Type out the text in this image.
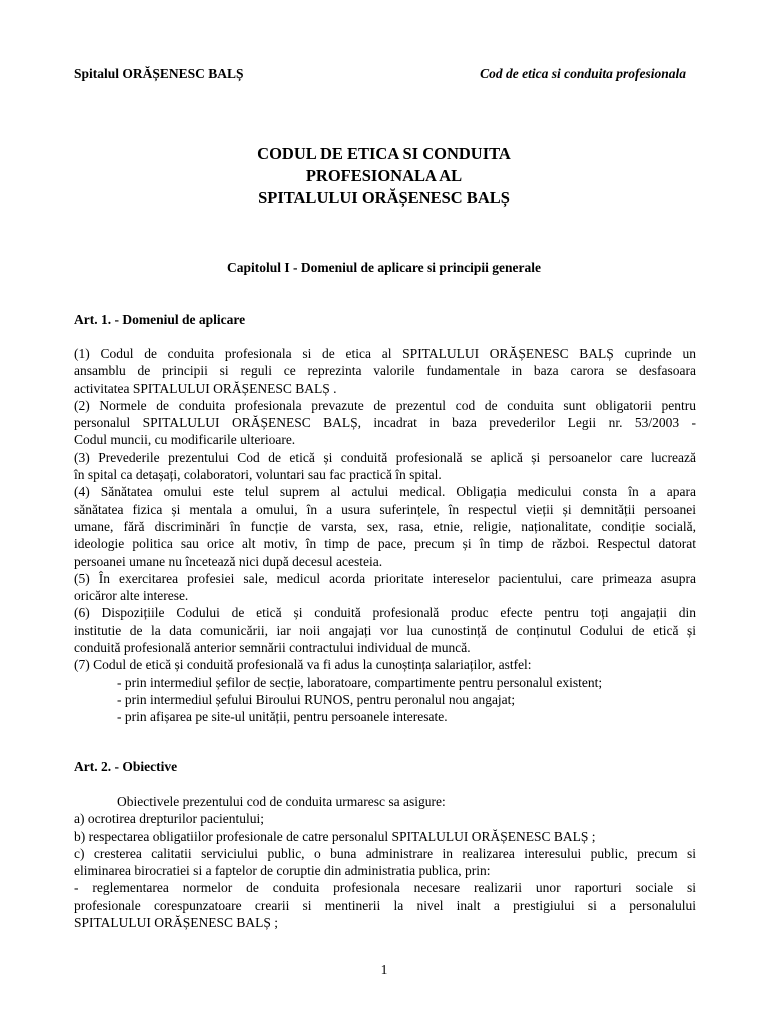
Spitalul ORĂȘENESC BALȘ	Cod de etica si conduita profesionala
CODUL DE ETICA SI CONDUITA
PROFESIONALA AL
SPITALULUI ORĂȘENESC BALȘ
Capitolul I - Domeniul de aplicare si principii generale
Art. 1. - Domeniul de aplicare
(1) Codul de conduita profesionala si de etica al SPITALULUI ORĂȘENESC BALȘ cuprinde un
ansamblu de principii si reguli ce reprezinta valorile fundamentale in baza carora se desfasoara
activitatea SPITALULUI ORĂȘENESC BALȘ .
(2) Normele de conduita profesionala prevazute de prezentul cod de conduita sunt obligatorii pentru
personalul SPITALULUI ORĂȘENESC BALȘ, incadrat in baza prevederilor Legii nr. 53/2003 -
Codul muncii, cu modificarile ulterioare.
(3) Prevederile prezentului Cod de etică și conduită profesională se aplică și persoanelor care lucrează
în spital ca detașați, colaboratori, voluntari sau fac practică în spital.
(4) Sănătatea omului este telul suprem al actului medical. Obligația medicului consta în a apara
sănătatea fizica și mentala a omului, în a usura suferințele, în respectul vieții și demnității persoanei
umane, fără discriminări în funcție de varsta, sex, rasa, etnie, religie, naționalitate, condiție socială,
ideologie politica sau orice alt motiv, în timp de pace, precum și în timp de război. Respectul datorat
persoanei umane nu încetează nici după decesul acesteia.
(5) În exercitarea profesiei sale, medicul acorda prioritate intereselor pacientului, care primeaza asupra
oricăror alte interese.
(6) Dispozițiile Codului de etică și conduită profesională produc efecte pentru toți angajații din
institutie de la data comunicării, iar noii angajați vor lua cunostință de conținutul Codului de etică și
conduită profesională anterior semnării contractului individual de muncă.
(7) Codul de etică și conduită profesională va fi adus la cunoștința salariaților, astfel:
- prin intermediul șefilor de secție, laboratoare, compartimente pentru personalul existent;
- prin intermediul șefului Biroului RUNOS, pentru peronalul nou angajat;
- prin afișarea pe site-ul unității, pentru persoanele interesate.
Art. 2. - Obiective
Obiectivele prezentului cod de conduita urmaresc sa asigure:
a) ocrotirea drepturilor pacientului;
b) respectarea obligatiilor profesionale de catre personalul SPITALULUI ORĂȘENESC BALȘ ;
c) cresterea calitatii serviciului public, o buna administrare in realizarea interesului public, precum si
eliminarea birocratiei si a faptelor de coruptie din administratia publica, prin:
- reglementarea normelor de conduita profesionala necesare realizarii unor raporturi sociale si
profesionale corespunzatoare crearii si mentinerii la nivel inalt a prestigiului si a personalului
SPITALULUI ORĂȘENESC BALȘ ;
1
